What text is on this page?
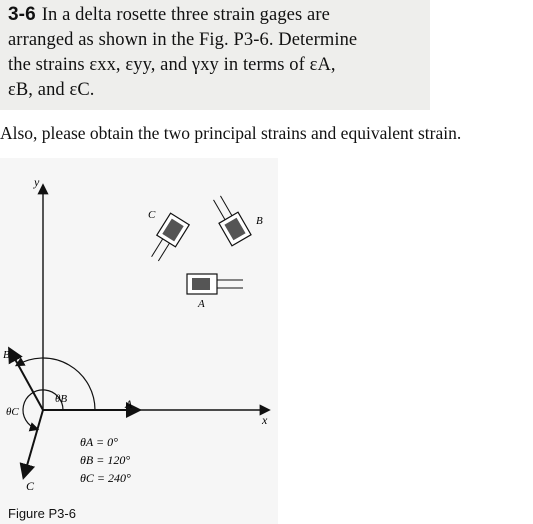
3-6 In a delta rosette three strain gages are
arranged as shown in the Fig. P3-6. Determine
the strains εxx, εyy, and γxy in terms of εA,
εB, and εC.
Also, please obtain the two principal strains and equivalent strain.
y
x
A
B
C
θB
θC
θA = 0°
θB = 120°
θC = 240°
C	B
A
Figure P3-6
